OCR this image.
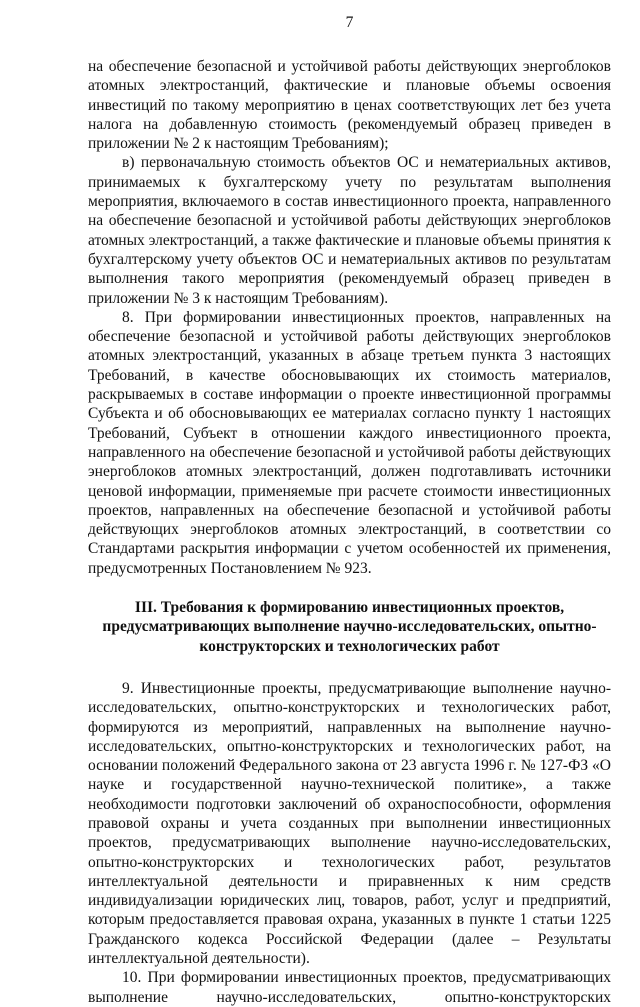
7

на обеспечение безопасной и устойчивой работы действующих энергоблоков атомных электростанций, фактические и плановые объемы освоения инвестиций по такому мероприятию в ценах соответствующих лет без учета налога на добавленную стоимость (рекомендуемый образец приведен в приложении № 2 к настоящим Требованиям);

в) первоначальную стоимость объектов ОС и нематериальных активов, принимаемых к бухгалтерскому учету по результатам выполнения мероприятия, включаемого в состав инвестиционного проекта, направленного на обеспечение безопасной и устойчивой работы действующих энергоблоков атомных электростанций, а также фактические и плановые объемы принятия к бухгалтерскому учету объектов ОС и нематериальных активов по результатам выполнения такого мероприятия (рекомендуемый образец приведен в приложении № 3 к настоящим Требованиям).

8. При формировании инвестиционных проектов, направленных на обеспечение безопасной и устойчивой работы действующих энергоблоков атомных электростанций, указанных в абзаце третьем пункта 3 настоящих Требований, в качестве обосновывающих их стоимость материалов, раскрываемых в составе информации о проекте инвестиционной программы Субъекта и об обосновывающих ее материалах согласно пункту 1 настоящих Требований, Субъект в отношении каждого инвестиционного проекта, направленного на обеспечение безопасной и устойчивой работы действующих энергоблоков атомных электростанций, должен подготавливать источники ценовой информации, применяемые при расчете стоимости инвестиционных проектов, направленных на обеспечение безопасной и устойчивой работы действующих энергоблоков атомных электростанций, в соответствии со Стандартами раскрытия информации с учетом особенностей их применения, предусмотренных Постановлением № 923.

III. Требования к формированию инвестиционных проектов, предусматривающих выполнение научно-исследовательских, опытно-конструкторских и технологических работ

9. Инвестиционные проекты, предусматривающие выполнение научно-исследовательских, опытно-конструкторских и технологических работ, формируются из мероприятий, направленных на выполнение научно-исследовательских, опытно-конструкторских и технологических работ, на основании положений Федерального закона от 23 августа 1996 г. № 127-ФЗ «О науке и государственной научно-технической политике», а также необходимости подготовки заключений об охраноспособности, оформления правовой охраны и учета созданных при выполнении инвестиционных проектов, предусматривающих выполнение научно-исследовательских, опытно-конструкторских и технологических работ, результатов интеллектуальной деятельности и приравненных к ним средств индивидуализации юридических лиц, товаров, работ, услуг и предприятий, которым предоставляется правовая охрана, указанных в пункте 1 статьи 1225 Гражданского кодекса Российской Федерации (далее – Результаты интеллектуальной деятельности).

10. При формировании инвестиционных проектов, предусматривающих выполнение научно-исследовательских, опытно-конструкторских
